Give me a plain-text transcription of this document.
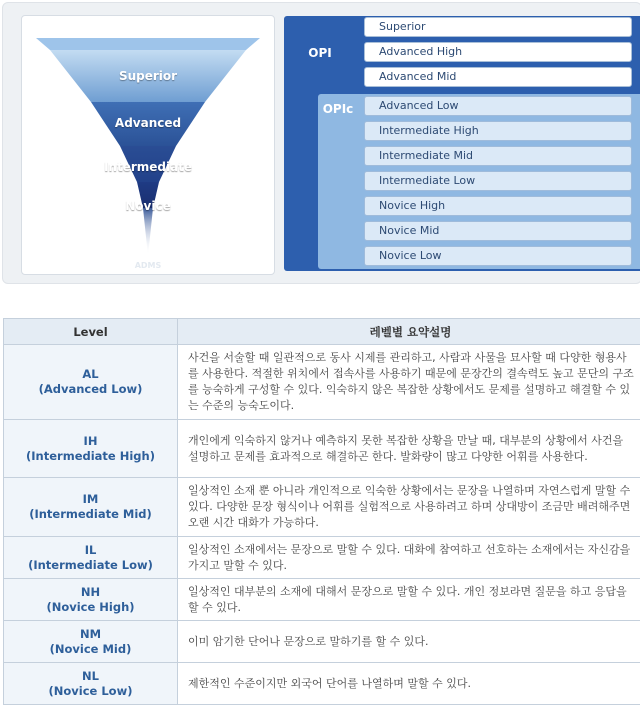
Superior
Advanced
Intermediate
Novice
ADMS
OPI
OPIc
Superior
Advanced High
Advanced Mid
Advanced Low
Intermediate High
Intermediate Mid
Intermediate Low
Novice High
Novice Mid
Novice Low
Level	레벨별 요약설명

AL
(Advanced Low)	사건을 서술할 때 일관적으로 동사 시제를 관리하고, 사람과 사물을 묘사할 때 다양한 형용사를 사용한다. 적절한 위치에서 접속사를 사용하기 때문에 문장간의 결속력도 높고 문단의 구조를 능숙하게 구성할 수 있다. 익숙하지 않은 복잡한 상황에서도 문제를 설명하고 해결할 수 있는 수준의 능숙도이다.

IH
(Intermediate High)	개인에게 익숙하지 않거나 예측하지 못한 복잡한 상황을 만날 때, 대부분의 상황에서 사건을 설명하고 문제를 효과적으로 해결하곤 한다. 발화량이 많고 다양한 어휘를 사용한다.

IM
(Intermediate Mid)	일상적인 소재 뿐 아니라 개인적으로 익숙한 상황에서는 문장을 나열하며 자연스럽게 말할 수 있다. 다양한 문장 형식이나 어휘를 실험적으로 사용하려고 하며 상대방이 조금만 배려해주면 오랜 시간 대화가 가능하다.

IL
(Intermediate Low)	일상적인 소재에서는 문장으로 말할 수 있다. 대화에 참여하고 선호하는 소재에서는 자신감을 가지고 말할 수 있다.

NH
(Novice High)	일상적인 대부분의 소재에 대해서 문장으로 말할 수 있다. 개인 정보라면 질문을 하고 응답을 할 수 있다.

NM
(Novice Mid)	이미 암기한 단어나 문장으로 말하기를 할 수 있다.

NL
(Novice Low)	제한적인 수준이지만 외국어 단어를 나열하며 말할 수 있다.
